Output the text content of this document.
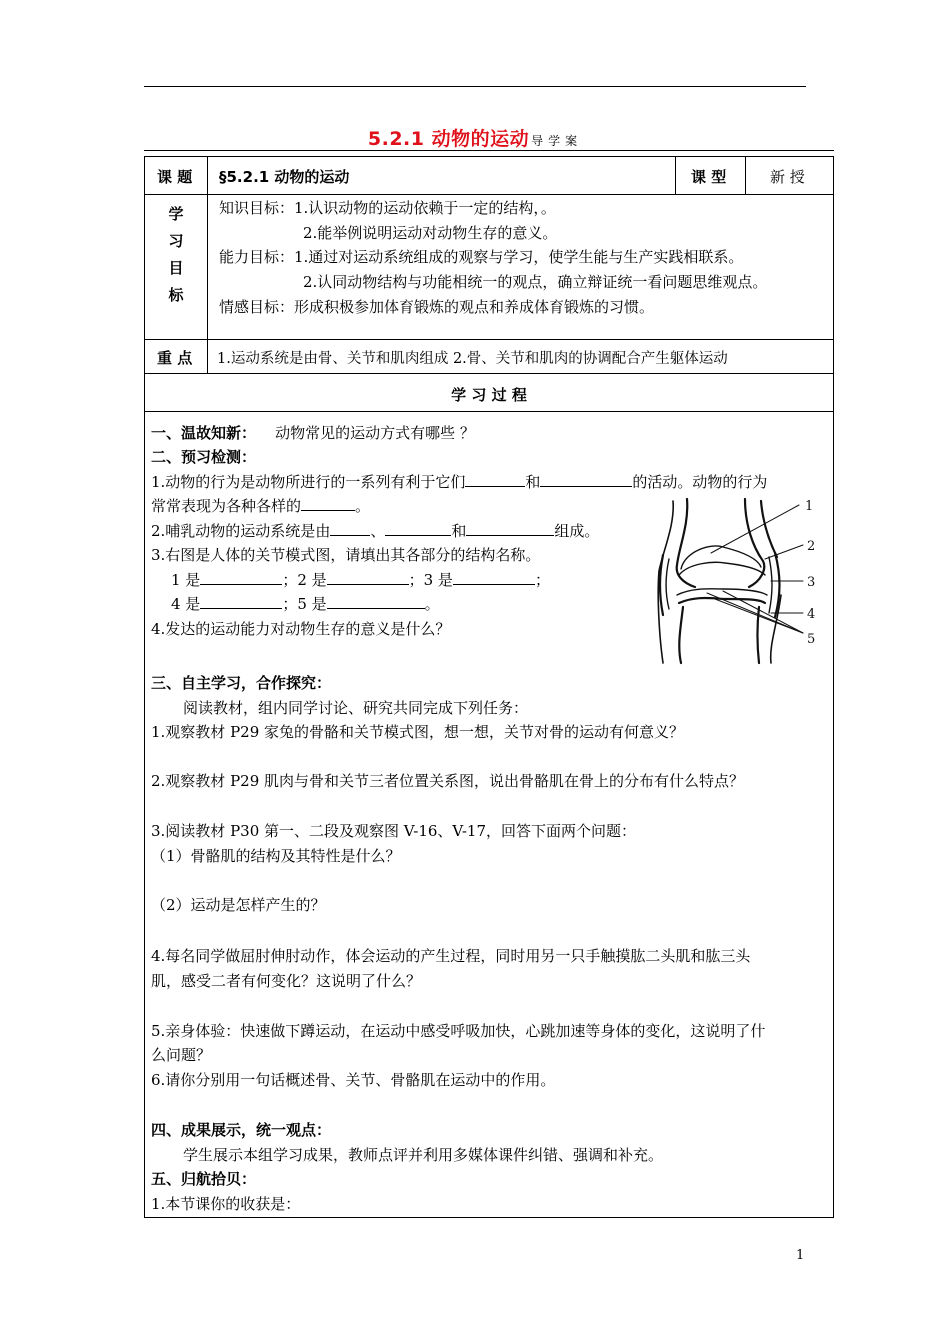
5.2.1 动物的运动 导学案
课 题 §5.2.1 动物的运动	课 型	新 授
学
习
目
标
知识目标：1.认识动物的运动依赖于一定的结构，。
2.能举例说明运动对动物生存的意义。
能力目标：1.通过对运动系统组成的观察与学习，使学生能与生产实践相联系。
2.认同动物结构与功能相统一的观点，确立辩证统一看问题思维观点。
情感目标：形成积极参加体育锻炼的观点和养成体育锻炼的习惯。
重 点 1.运动系统是由骨、关节和肌肉组成 2.骨、关节和肌肉的协调配合产生躯体运动
学 习 过 程
一、温故知新： 动物常见的运动方式有哪些 ？
二、预习检测：
1.动物的行为是动物所进行的一系列有利于它们	和	的活动。动物的行为
常常表现为各种各样的	。
2.哺乳动物的运动系统是由	、	和	组成。
3.右图是人体的关节模式图，请填出其各部分的结构名称。
1 是	；2 是	；3 是	；
4 是	；5 是	。
4.发达的运动能力对动物生存的意义是什么？
1
2
3
4
5
三、自主学习，合作探究：
阅读教材，组内同学讨论、研究共同完成下列任务：
1.观察教材 P29 家兔的骨骼和关节模式图，想一想，关节对骨的运动有何意义？
2.观察教材 P29 肌肉与骨和关节三者位置关系图，说出骨骼肌在骨上的分布有什么特点？
3.阅读教材 P30 第一、二段及观察图 V-16、V-17，回答下面两个问题：
（1）骨骼肌的结构及其特性是什么？
（2）运动是怎样产生的？
4.每名同学做屈肘伸肘动作，体会运动的产生过程，同时用另一只手触摸肱二头肌和肱三头
肌，感受二者有何变化？这说明了什么？
5.亲身体验：快速做下蹲运动，在运动中感受呼吸加快，心跳加速等身体的变化，这说明了什
么问题？
6.请你分别用一句话概述骨、关节、骨骼肌在运动中的作用。
四、成果展示，统一观点：
学生展示本组学习成果，教师点评并利用多媒体课件纠错、强调和补充。
五、归航拾贝：
1.本节课你的收获是：
1
